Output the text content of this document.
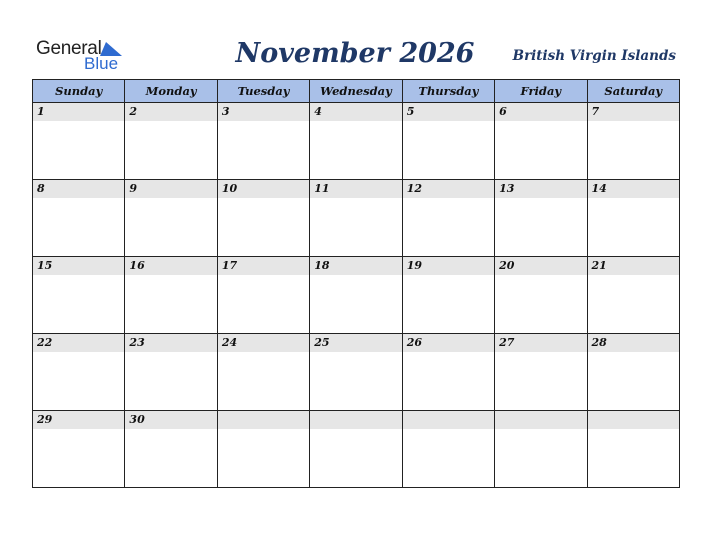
General
Blue	November 2026	British Virgin Islands
Sunday	Monday	Tuesday	Wednesday	Thursday	Friday	Saturday

1	2	3	4	5	6	7

8	9	10	11	12	13	14

15	16	17	18	19	20	21

22	23	24	25	26	27	28

29	30					
